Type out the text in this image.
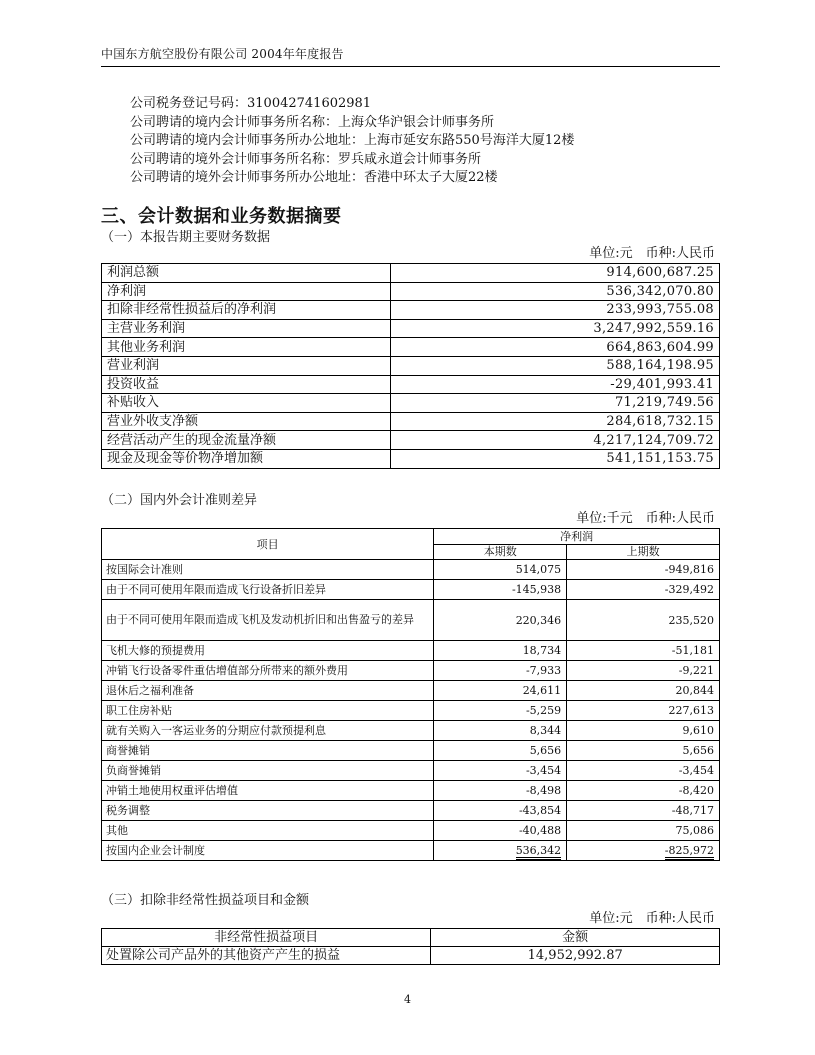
中国东方航空股份有限公司 2004年年度报告
公司税务登记号码：310042741602981
公司聘请的境内会计师事务所名称：上海众华沪银会计师事务所
公司聘请的境内会计师事务所办公地址：上海市延安东路550号海洋大厦12楼
公司聘请的境外会计师事务所名称：罗兵咸永道会计师事务所
公司聘请的境外会计师事务所办公地址：香港中环太子大厦22楼
三、会计数据和业务数据摘要
（一）本报告期主要财务数据
单位:元　币种:人民币
利润总额	914,600,687.25
净利润	536,342,070.80
扣除非经常性损益后的净利润	233,993,755.08
主营业务利润	3,247,992,559.16
其他业务利润	664,863,604.99
营业利润	588,164,198.95
投资收益	-29,401,993.41
补贴收入	71,219,749.56
营业外收支净额	284,618,732.15
经营活动产生的现金流量净额	4,217,124,709.72
现金及现金等价物净增加额	541,151,153.75
（二）国内外会计准则差异
单位:千元　币种:人民币
项目	净利润	
	本期数	上期数
按国际会计准则	514,075	-949,816
由于不同可使用年限而造成飞行设备折旧差异	-145,938	-329,492
由于不同可使用年限而造成飞机及发动机折旧和出售盈亏的差异	220,346	235,520
飞机大修的预提费用	18,734	-51,181
冲销飞行设备零件重估增值部分所带来的额外费用	-7,933	-9,221
退休后之福利准备	24,611	20,844
职工住房补贴	-5,259	227,613
就有关购入一客运业务的分期应付款预提利息	8,344	9,610
商誉摊销	5,656	5,656
负商誉摊销	-3,454	-3,454
冲销土地使用权重评估增值	-8,498	-8,420
税务调整	-43,854	-48,717
其他	-40,488	75,086
按国内企业会计制度	536,342	-825,972
（三）扣除非经常性损益项目和金额
单位:元　币种:人民币
非经常性损益项目	金额
处置除公司产品外的其他资产产生的损益	14,952,992.87
4
